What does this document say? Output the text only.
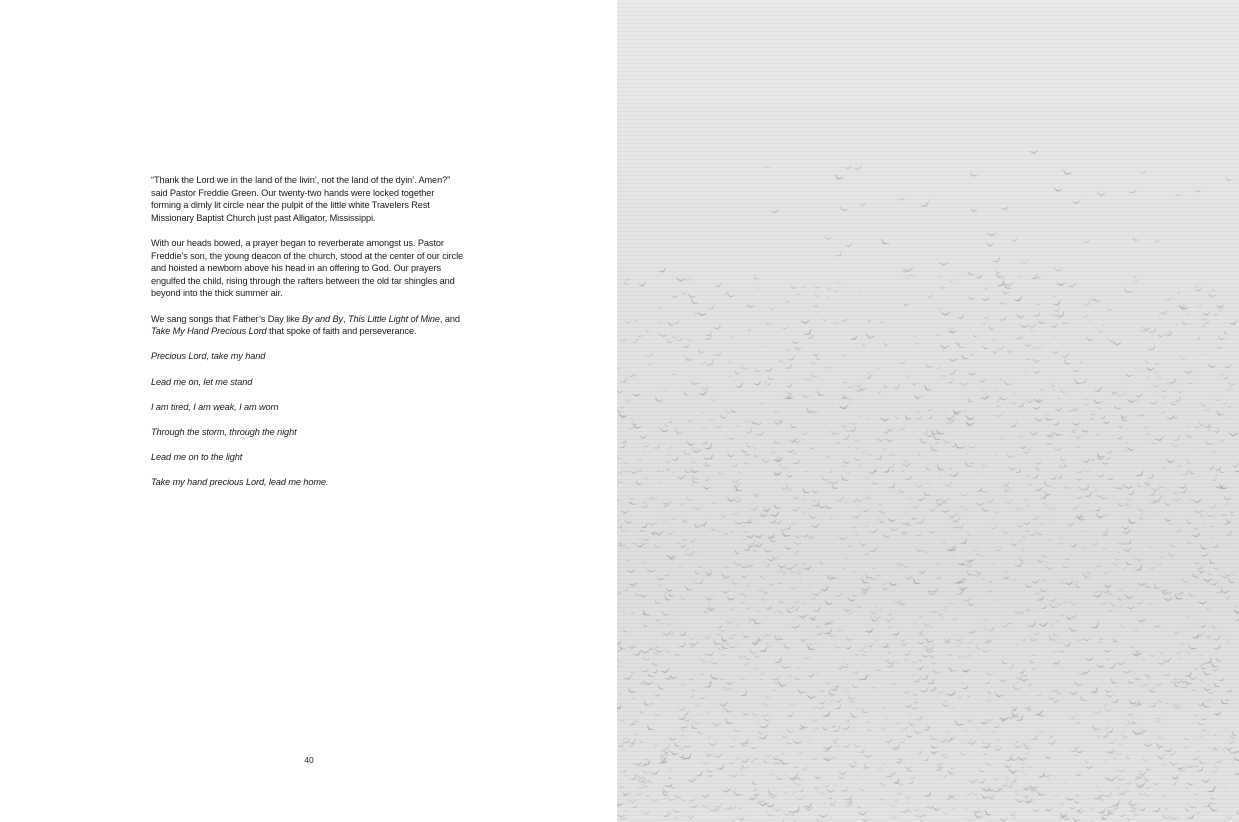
“Thank the Lord we in the land of the livin’, not the land of the dyin’. Amen?” said Pastor Freddie Green. Our twenty-two hands were locked together forming a dimly lit circle near the pulpit of the little white Travelers Rest Missionary Baptist Church just past Alligator, Mississippi.

With our heads bowed, a prayer began to reverberate amongst us. Pastor Freddie’s son, the young deacon of the church, stood at the center of our circle and hoisted a newborn above his head in an offering to God. Our prayers engulfed the child, rising through the rafters between the old tar shingles and beyond into the thick summer air.

We sang songs that Father’s Day like By and By, This Little Light of Mine, and Take My Hand Precious Lord that spoke of faith and perseverance.

Precious Lord, take my hand

Lead me on, let me stand

I am tired, I am weak, I am worn

Through the storm, through the night

Lead me on to the light

Take my hand precious Lord, lead me home.

40
